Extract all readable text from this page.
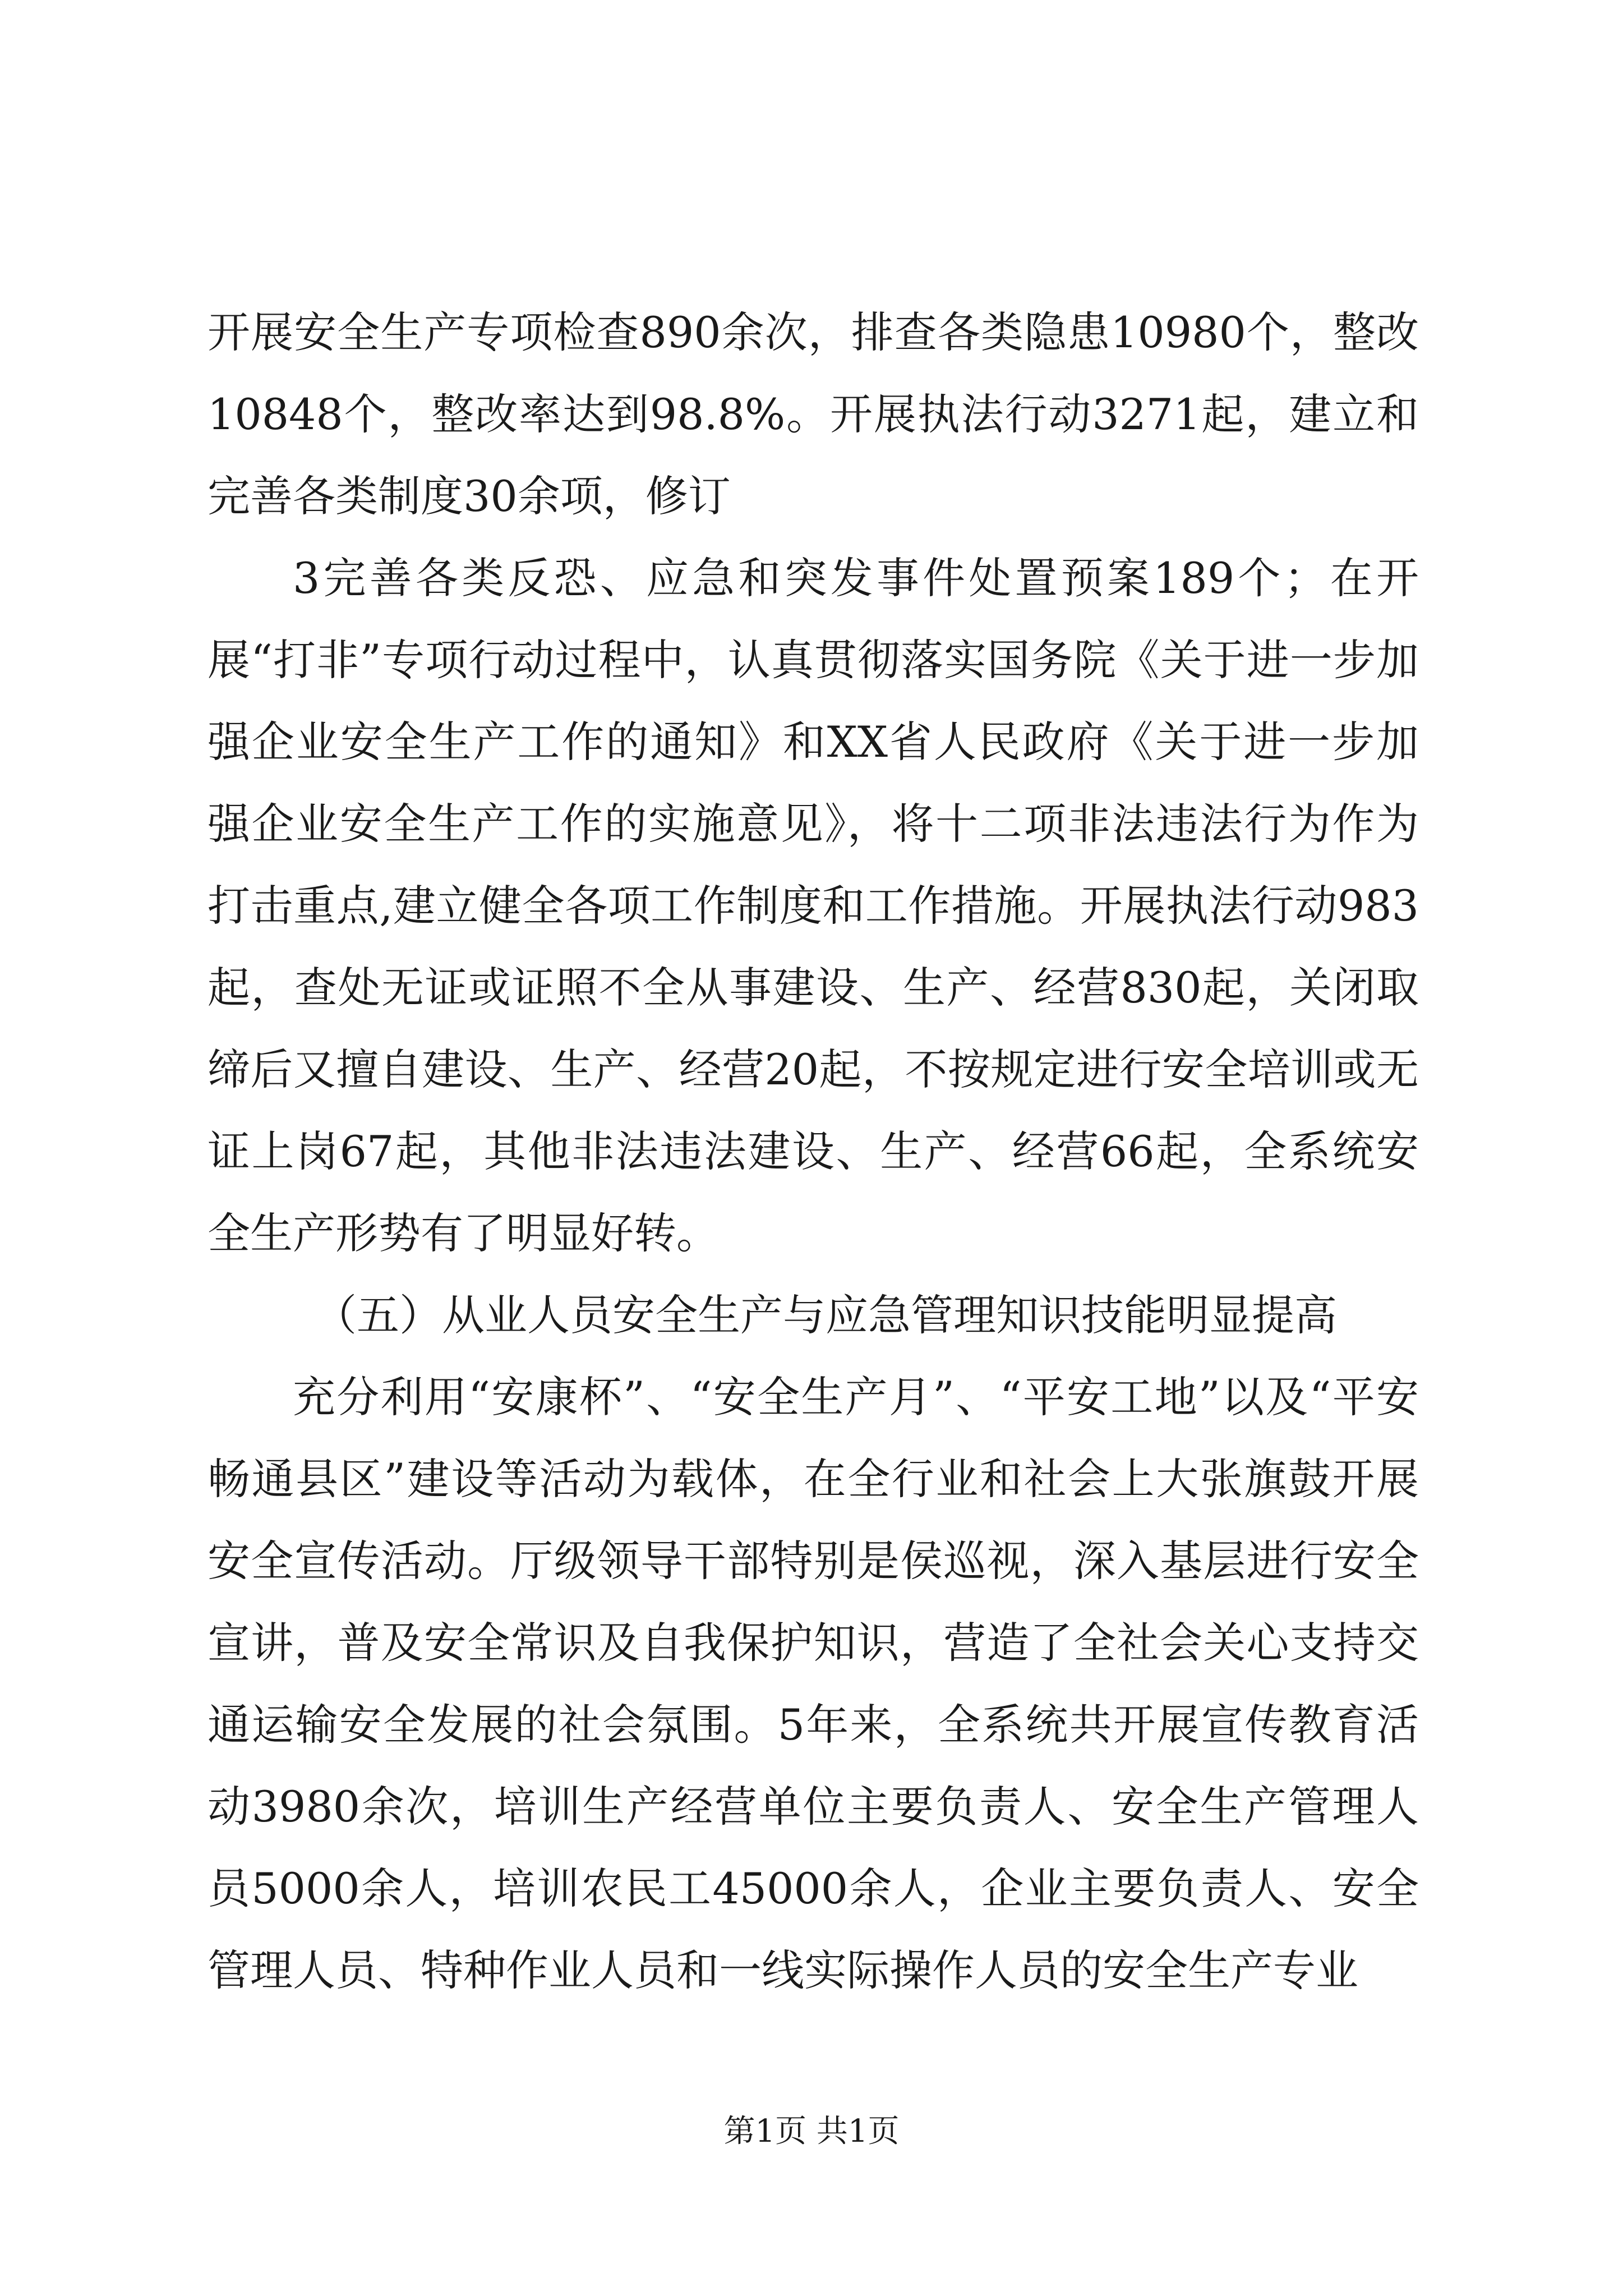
开展安全生产专项检查890余次，排查各类隐患10980个，整改10848个，整改率达到98.8%。开展执法行动3271起，建立和完善各类制度30余项，修订

3完善各类反恐、应急和突发事件处置预案189个；在开展“打非”专项行动过程中，认真贯彻落实国务院《关于进一步加强企业安全生产工作的通知》和XX省人民政府《关于进一步加强企业安全生产工作的实施意见》，将十二项非法违法行为作为打击重点,建立健全各项工作制度和工作措施。开展执法行动983起，查处无证或证照不全从事建设、生产、经营830起，关闭取缔后又擅自建设、生产、经营20起，不按规定进行安全培训或无证上岗67起，其他非法违法建设、生产、经营66起，全系统安全生产形势有了明显好转。

（五）从业人员安全生产与应急管理知识技能明显提高

充分利用“安康杯”、“安全生产月”、“平安工地”以及“平安畅通县区”建设等活动为载体，在全行业和社会上大张旗鼓开展安全宣传活动。厅级领导干部特别是侯巡视，深入基层进行安全宣讲，普及安全常识及自我保护知识，营造了全社会关心支持交通运输安全发展的社会氛围。5年来，全系统共开展宣传教育活动3980余次，培训生产经营单位主要负责人、安全生产管理人员5000余人，培训农民工45000余人，企业主要负责人、安全管理人员、特种作业人员和一线实际操作人员的安全生产专业

第1页 共1页
